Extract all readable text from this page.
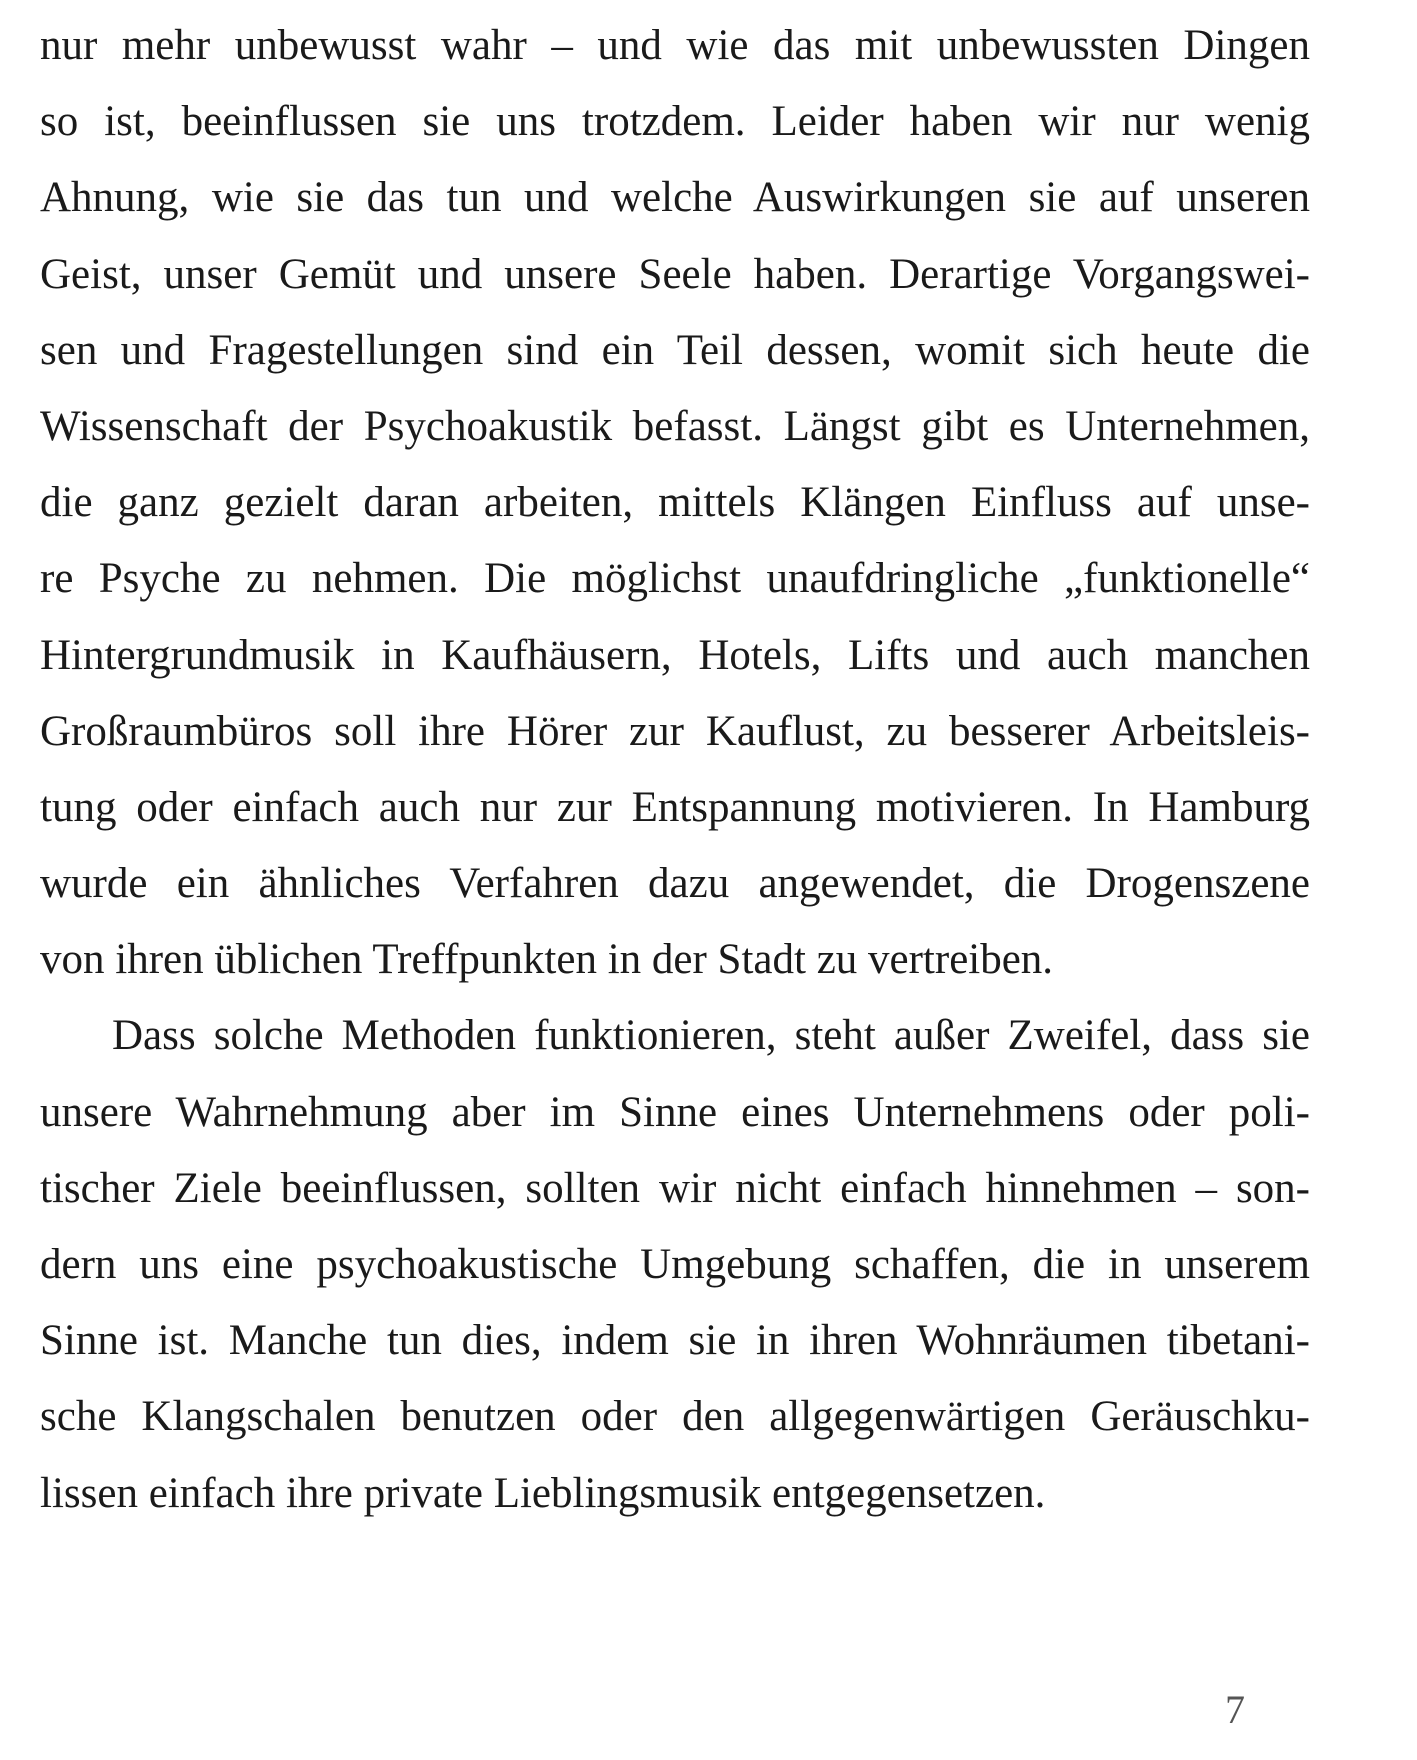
nur mehr unbewusst wahr – und wie das mit unbewussten Dingen
so ist, beeinflussen sie uns trotzdem. Leider haben wir nur wenig
Ahnung, wie sie das tun und welche Auswirkungen sie auf unseren
Geist, unser Gemüt und unsere Seele haben. Derartige Vorgangswei-
sen und Fragestellungen sind ein Teil dessen, womit sich heute die
Wissenschaft der Psychoakustik befasst. Längst gibt es Unternehmen,
die ganz gezielt daran arbeiten, mittels Klängen Einfluss auf unse-
re Psyche zu nehmen. Die möglichst unaufdringliche „funktionelle“
Hintergrundmusik in Kaufhäusern, Hotels, Lifts und auch manchen
Großraumbüros soll ihre Hörer zur Kauflust, zu besserer Arbeitsleis-
tung oder einfach auch nur zur Entspannung motivieren. In Hamburg
wurde ein ähnliches Verfahren dazu angewendet, die Drogenszene
von ihren üblichen Treffpunkten in der Stadt zu vertreiben.
Dass solche Methoden funktionieren, steht außer Zweifel, dass sie
unsere Wahrnehmung aber im Sinne eines Unternehmens oder poli-
tischer Ziele beeinflussen, sollten wir nicht einfach hinnehmen – son-
dern uns eine psychoakustische Umgebung schaffen, die in unserem
Sinne ist. Manche tun dies, indem sie in ihren Wohnräumen tibetani-
sche Klangschalen benutzen oder den allgegenwärtigen Geräuschku-
lissen einfach ihre private Lieblingsmusik entgegensetzen.
7
